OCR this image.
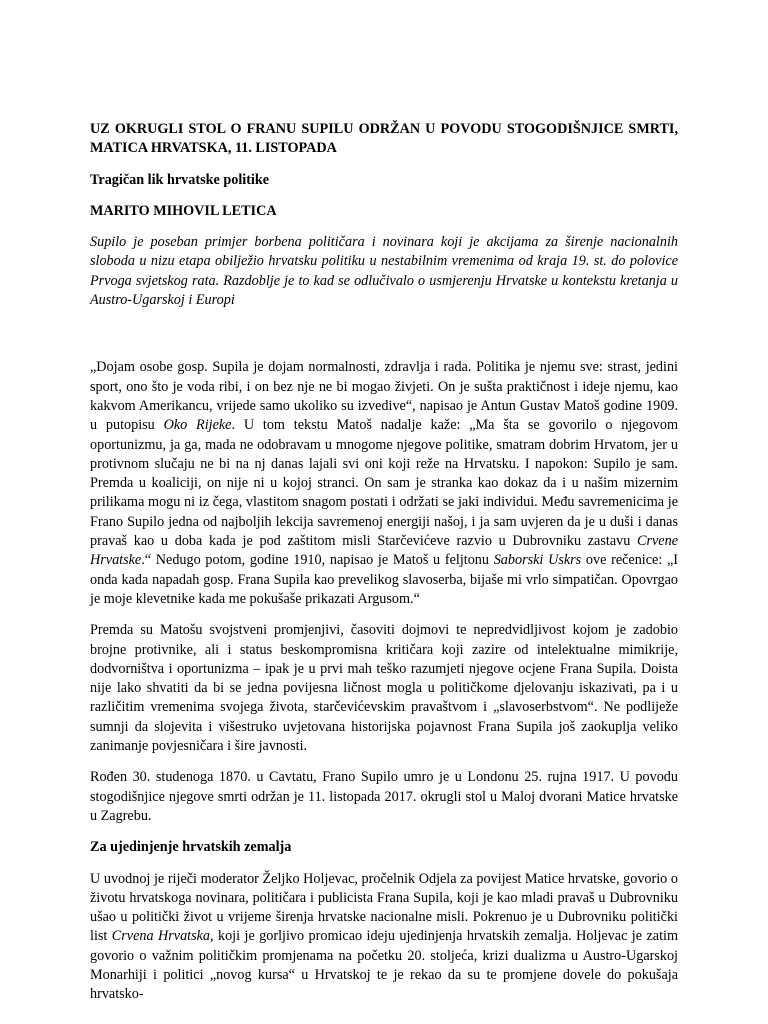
UZ OKRUGLI STOL O FRANU SUPILU ODRŽAN U POVODU STOGODIŠNJICE SMRTI, MATICA HRVATSKA, 11. LISTOPADA
Tragičan lik hrvatske politike
MARITO MIHOVIL LETICA

Supilo je poseban primjer borbena političara i novinara koji je akcijama za širenje nacionalnih sloboda u nizu etapa obilježio hrvatsku politiku u nestabilnim vremenima od kraja 19. st. do polovice Prvoga svjetskog rata. Razdoblje je to kad se odlučivalo o usmjerenju Hrvatske u kontekstu kretanja u Austro-Ugarskoj i Europi

„Dojam osobe gosp. Supila je dojam normalnosti, zdravlja i rada. Politika je njemu sve: strast, jedini sport, ono što je voda ribi, i on bez nje ne bi mogao živjeti. On je sušta praktičnost i ideje njemu, kao kakvom Amerikancu, vrijede samo ukoliko su izvedive“, napisao je Antun Gustav Matoš godine 1909. u putopisu Oko Rijeke. U tom tekstu Matoš nadalje kaže: „Ma šta se govorilo o njegovom oportunizmu, ja ga, mada ne odobravam u mnogome njegove politike, smatram dobrim Hrvatom, jer u protivnom slučaju ne bi na nj danas lajali svi oni koji reže na Hrvatsku. I napokon: Supilo je sam. Premda u koaliciji, on nije ni u kojoj stranci. On sam je stranka kao dokaz da i u našim mizernim prilikama mogu ni iz čega, vlastitom snagom postati i održati se jaki individui. Među savremenicima je Frano Supilo jedna od najboljih lekcija savremenoj energiji našoj, i ja sam uvjeren da je u duši i danas pravaš kao u doba kada je pod zaštitom misli Starčevićeve razvio u Dubrovniku zastavu Crvene Hrvatske.“ Nedugo potom, godine 1910, napisao je Matoš u feljtonu Saborski Uskrs ove rečenice: „I onda kada napadah gosp. Frana Supila kao prevelikog slavoserba, bijaše mi vrlo simpatičan. Opovrgao je moje klevetnike kada me pokušaše prikazati Argusom.“

Premda su Matošu svojstveni promjenjivi, časoviti dojmovi te nepredvidljivost kojom je zadobio brojne protivnike, ali i status beskompromisna kritičara koji zazire od intelektualne mimikrije, dodvorništva i oportunizma – ipak je u prvi mah teško razumjeti njegove ocjene Frana Supila. Doista nije lako shvatiti da bi se jedna povijesna ličnost mogla u političkome djelovanju iskazivati, pa i u različitim vremenima svojega života, starčevićevskim pravaštvom i „slavoserbstvom“. Ne podliježe sumnji da slojevita i višestruko uvjetovana historijska pojavnost Frana Supila još zaokuplja veliko zanimanje povjesničara i šire javnosti.

Rođen 30. studenoga 1870. u Cavtatu, Frano Supilo umro je u Londonu 25. rujna 1917. U povodu stogodišnjice njegove smrti održan je 11. listopada 2017. okrugli stol u Maloj dvorani Matice hrvatske u Zagrebu.

Za ujedinjenje hrvatskih zemalja

U uvodnoj je riječi moderator Željko Holjevac, pročelnik Odjela za povijest Matice hrvatske, govorio o životu hrvatskoga novinara, političara i publicista Frana Supila, koji je kao mladi pravaš u Dubrovniku ušao u politički život u vrijeme širenja hrvatske nacionalne misli. Pokrenuo je u Dubrovniku politički list Crvena Hrvatska, koji je gorljivo promicao ideju ujedinjenja hrvatskih zemalja. Holjevac je zatim govorio o važnim političkim promjenama na početku 20. stoljeća, krizi dualizma u Austro-Ugarskoj Monarhiji i politici „novog kursa“ u Hrvatskoj te je rekao da su te promjene dovele do pokušaja hrvatsko-
